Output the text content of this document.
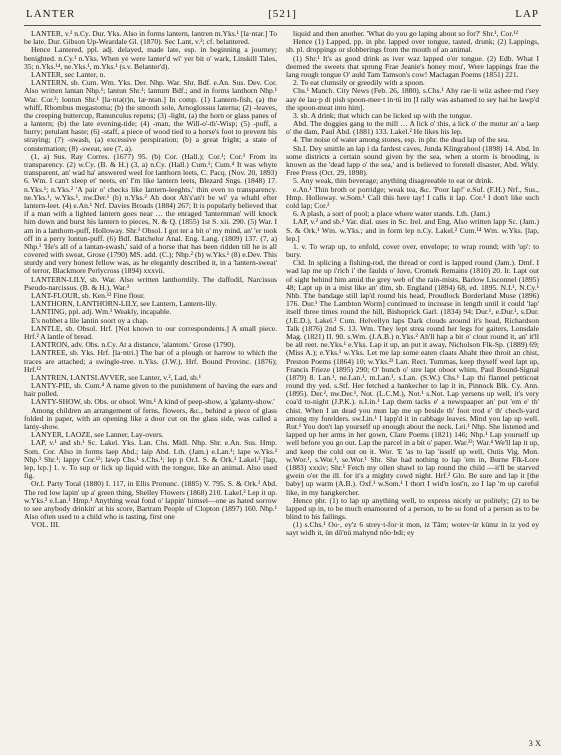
LANTER	[521]	LAP

LANTER, v.² n.Cy. Dur. Yks. Also in forms lantern, lantren m.Yks.¹ [la·ntər.] To be late. Dur. Gibson Up-Weardale Gl. (1870). Sec Lant, v.²; cf. belantered.

Hence Lantered, ppl. adj. delayed, made late, esp. in beginning a journey; benighted. n.Cy.¹ n.Yks. When ye were lanter'd wi' yer bit o' wark, Linskill Tales, 35; n.Yks.¹⁴, ne.Yks.¹, m.Yks.¹ (s.v. Belanter'd).

LANTER, sec Lanter, n.

LANTERN, sb. Cum. Wm. Yks. Der. Nhp. War. Shr. Bdf. e.An. Sus. Dev. Cor. Also written lantan Nhp.¹; lantun Shr.¹; lanturn Bdf.; and in forms lanthorn Nhp.¹ War. Cor.³; lontun Shr.¹ [la·ntə(r)n, læ·ntən.] In comp. (1) Lantern-fish, (a) the whiff, Rhombus megastoma; (b) the smooth sole, Arnoglossus laterna; (2) -leaves, the creeping buttercup, Ranunculus repens; (3) -light, (a) the horn or glass panes of a lantern; (b) the late evening-tide; (4) -man, the Will-o'-th'-Wisp; (5) -puff, a hurry; petulant haste; (6) -staff, a piece of wood tied to a horse's foot to prevent his straying; (7) -swash, (a) excessive perspiration; (b) a great fright; a state of consternation; (8) -sweat, see (7, a).

(1, a) Sus. Ray Corres. (1677) 95. (b) Cor. (Hall.); Cor.¹; Cor.³ From its transparency. (2) w.Cy. (B. & H.) (3, a) n.Cy. (Hall.) Cum.¹; Cum.⁴ It was whyte transparent, an' wad ha' answered weel for lanthorn leets, C. Pacq. (Nov. 20, 1893) 6. Wm. I can't sleep et' neets, en' I'm like lantern leets, Blezard Sngs. (1848) 17. n.Yks.¹; n.Yks.² 'A pair o' checks like lantern-leeghts,' thin even to transparency. ne.Yks.¹, w.Yks.¹, nw.Der.¹ (b) n.Yks.² Ah doot Ah's'an't be wi' ya whahl efter lantern-leet. (4) e.An.¹ Nrf. Davies Broads (1884) 267; It is popularly believed that if a man with a lighted lantern goes near … the enraged 'lanternman' will knock him down and burst his lantern to pieces, N. & Q. (1855) 1st S. xii. 290. (5) War. I am in a lanthorn-puff, Holloway. Shr.¹ Obsol. I got ter a bit o' my mind, an' 'er took off in a perry lontun-puff. (6) Bdf. Batchelor Anal. Eng. Lang. (1809) 137. (7, a) Nhp.¹ 'He's all of a lantan-swash,' said of a horse that has been ridden till he is all covered with sweat, Grose (1790) MS. add. (C.); Nhp.² (b) w.Yks.¹ (8) e.Dev. This sturdy and very honest fellow was, as he elegantly described it, in a 'lantern-sweat' of terror, Blackmore Perlycross (1894) xxxvii.

LANTERN-LILY, sb. War. Also written lanthornlily. The daffodil, Narcissus Pseudo-narcissus. (B. & H.), War.³

LANT-FLOUR, sb. Ken.¹² Fine flour.

LANTHORN, LANTHORN-LILY, see Lantern, Lantern-lily.

LANTING, ppl. adj. Wm.¹ Weakly, incapable.

E's nobbet a lile lantin soort oy a chap.

LANTLE, sb. Obsol. Hrf. [Not known to our correspondents.] A small piece. Hrf.² A lantle of bread.

LANTRON, adv. Obs. n.Cy. At a distance, 'alantom.' Grose (1790).

LANTREE, sb. Yks. Hrf. [la·ntri.] The bar of a plough or harrow to which the traces are attached; a swingle-tree. n.Yks. (J.W.), Hrf. Bound Provinc. (1876); Hrf.¹²

LANTREN, LANTSLAVVER, see Lanter, v.², Lad, sb.¹

LANTY-PIE, sb. Cum.⁴ A name given to the punishment of having the ears and hair pulled.

LANTY-SHOW, sb. Obs. or obsol. Wm.¹ A kind of peep-show, a 'galanty-show.'

Among children an arrangement of ferns, flowers, &c., behind a piece of glass folded in paper, with an opening like a door cut on the glass side, was called a lanty-show.

LANYER, LAOZE, see Lanner, Lay-overs.

LAP, v.¹ and sb.¹ Sc. Lakel. Yks. Lan. Chs. Midl. Nhp. Shr. e.An. Sus. Hmp. Som. Cor. Also in forms laep Abd.; laip Abd. Lth. (Jam.) e.Lan.¹; lape w.Yks.² Nhp.¹ Shr.¹; lappy Cor.¹²; lawp Chs.¹ s.Chs.¹; lep p Or.I. S. & Ork.¹ Lakel.² [lap, lep, lɛp.] 1. v. To sup or lick up liquid with the tongue, like an animal. Also used fig.

Or.I. Party Toral (1880) I. 117, in Ellis Pronunc. (1885) V. 795. S. & Ork.¹ Abd. The red low lapin' up a' green thing, Shelley Flowers (1868) 210. Lakel.² Lep it up. w.Yks.² e.Lan.¹ Hmp.¹ Anything weal fond o' lappin' himsel—one as hated sorrow to see anybody drinkin' at his score, Bartram People of Clopton (1897) 160. Nhp.¹ Also often used to a child who is tasting, first one

VOL. III.

liquid and then another. 'What do you go laping about so for?' Shr.¹, Cor.¹²

Hence (1) Lapped, pp. in phr. lapped over tongue, tasted, drunk; (2) Lappings, sb. pl. droppings or slobberings from the mouth of an animal.

(1) Shr.¹ It's as good drink as iver waz lapped o'er tongue. (2) Edb. What I deemed the sweets that sprung Frae Jeanie's honey mou', Were lappings frae the lang rough tongue O' auld Tam Tamson's cow! Maclagan Poems (1851) 221.

2. To eat clumsily or greedily with a spoon.

Chs.¹ Manch. City News (Feb. 26, 1880). s.Chs.¹ Ahy rae·li wüz ashee·md t'sey aay ée lau·p di pish spoon-mee·t in·tü im [I rally was ashamed to sey hai he lawp'd the spoon-meat into him].

3. sb. A drink; that which can be licked up with the tongue.

Abd. The doggies gang to the mill … A lick o' this, a lick o' the mutur an' a laep o' the dam, Paul Abd. (1881) 133. Lakel.² He likes his lep.

4. The noise of water among stones, esp. in phr. the dead lap of the sea.

Sh.I. Dey smittle an lap i da fardest caves, Junda Klingrahool (1898) 14. Abd. In some districts a certain sound given by the sea, when a storm is brooding, is known as the 'dead lapp o' the sea,' and is believed to foretell disaster, Abd. Wkly. Free Press (Oct. 29, 1898).

5. Any weak, thin beverage; anything disagreeable to eat or drink.

e.An.¹ Thin broth or porridge; weak tea, &c. 'Poor lap!' e.Suf. (F.H.) Nrf., Sus., Hmp. Holloway. w.Som.¹ Call this here tay! I calls it lap. Cor.¹ I don't like such cold lap; Cor.²

6. A plash, a sort of pool; a place where water stands. Lth. (Jam.)

LAP, v.² and sb.² Var. dial. uses in Sc. Irel. and Eng. Also written lapp Sc. (Jam.) S. & Ork.¹ Wm. w.Yks.; and in form lep n.Cy. Lakel.² Cum.¹⁴ Wm. w.Yks. [lap, lep.]

1. v. To wrap up, to enfold, cover over, envelope; to wrap round; with 'up': to bury.

Cld. In splicing a fishing-rod, the thread or cord is lapped round (Jam.). Dmf. I wad lap me up i'rich i' the faulds o' luve, Cromek Remains (1810) 20. Ir. Lapt out of sight behind him amid the grey web of the rain-mists, Barlow Lisconnel (1895) 48; Lapt up in a mist like an' dim, sb. England (1894) 68, ed. 1895. N.I.¹, N.Cy.¹ Nhb. The bandage still lap'd round his head, Proudlock Borderland Muse (1896) 176. Dur.¹ The Lambton Worm] continued to increase in length until it could 'lap' itself three times round the hill, Bishoprick Garl. (1834) 94; Dur.¹, e.Dur.¹, s.Dur. (J.E.D.), Lakel.² Cum. Helvellyn laps Dark clouds around it's head, Richardson Talk (1876) 2nd S. 13. Wm. They lept strea round her legs for gaiters, Lonsdale Mag. (1821) II. 90. s.Wm. (J.A.B.) n.Yks.² Ah'll hap a bit o' clout round it, an' it'll be all reet. ne.Yks.¹ e.Yks. Lap it up, an put it away, Nicholson Flk-Sp. (1889) 69; (Miss A.); e.Yks.¹ w.Yks. Let me lap some eaten claats Abaht thee throit an chist, Preston Poems (1864) 10; w.Yks.²³ Lan. Rect. Tummas, keep thyself weel lapt up, Francis Frieze (1895) 290; O' bunch o' stre lapt oboot whim, Paul Bound-Signal (1879) 8. Lan.¹, ne.Lan.¹, m.Lan.¹, s.Lan. (S.W.) Chs.¹ Lap thi flannel petticoat round thy yed. s.Stf. Her fetched a hankecher to lap it in, Pinnock Blk. Cy. Ann. (1895). Der.², nw.Der.¹, Not. (L.C.M.), Not.¹ s.Not. Lap yersens up well, it's very coa'd to-night (J.P.K.). n.Lin.¹ Lap them tacks e' a newspaaper an' put 'em e' th' chist. When I an dead you mun lap me up beside th' foot trod e' th' chech-yard among my forelders. sw.Lin.¹ I lapp'd it in cabbage leaves. Mind you lap up well. Rut.¹ You don't lap yourself up enough about the neck. Lei.¹ Nhp. She listened and lapped up her arms in her gown, Clare Poems (1821) 146; Nhp.¹ Lap yourself up well before you go out. Lap the parcel in a bit o' paper. War.²³; War.⁴ We'll lap it up, and keep the cold out on it. Wor. 'E 'as to lap 'isself up well, Outis Vig. Mon. w.Wor.¹, s.Wor.¹, se.Wor.¹ Shr. She had nothing to lap 'em in, Burne Flk-Lore (1883) xxxiv; Shr.¹ Fetch my ollen shawl to lap round the child —it'll be starved gwein o'er the ill. for it's a mighty cowd night. Hrf.² Glo. Be sure and lap it [the baby] up warm (A.B.). Oxf.¹ w.Som.¹ I thort I wid'n lost'n, zo I lap 'm up careful like, in my hangkercher.

Hence phr. (1) to lap up anything well, to express nicely or politely; (2) to be lapped up in, to be much enamoured of a person, to be so fond of a person as to be blind to his failings.

(1) s.Chs.¹ Oo·, ey'z 6 strey·t-for·it mon, iz Tâm; wotev·ür kümz in iz yed ey sayt widh it, ün dô'nü mahynd nôo·bdi; ey

3 X
